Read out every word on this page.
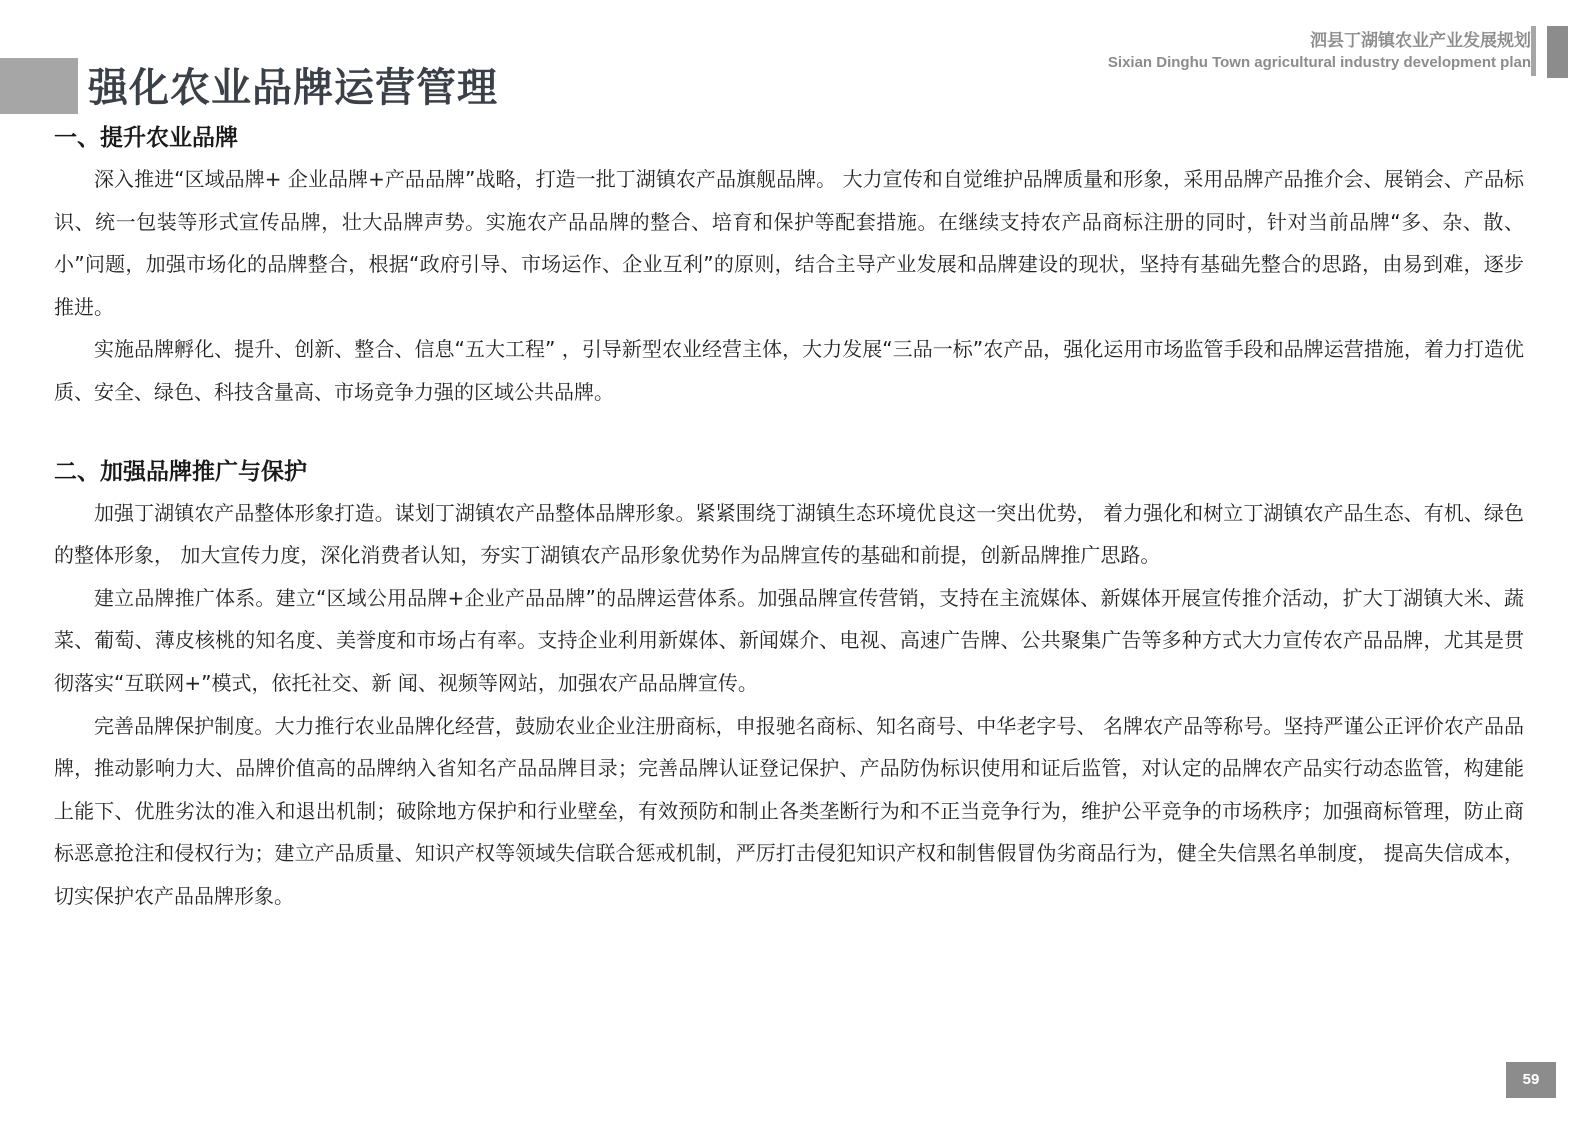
强化农业品牌运营管理
泗县丁湖镇农业产业发展规划
Sixian Dinghu Town agricultural industry development plan
一、提升农业品牌

深入推进“区域品牌+ 企业品牌+产品品牌”战略，打造一批丁湖镇农产品旗舰品牌。 大力宣传和自觉维护品牌质量和形象，采用品牌产品推介会、展销会、产品标识、统一包装等形式宣传品牌，壮大品牌声势。实施农产品品牌的整合、培育和保护等配套措施。在继续支持农产品商标注册的同时，针对当前品牌“多、杂、散、小”问题，加强市场化的品牌整合，根据“政府引导、市场运作、企业互利”的原则，结合主导产业发展和品牌建设的现状，坚持有基础先整合的思路，由易到难，逐步推进。

实施品牌孵化、提升、创新、整合、信息“五大工程” ，引导新型农业经营主体，大力发展“三品一标”农产品，强化运用市场监管手段和品牌运营措施，着力打造优质、安全、绿色、科技含量高、市场竞争力强的区域公共品牌。

二、加强品牌推广与保护

加强丁湖镇农产品整体形象打造。谋划丁湖镇农产品整体品牌形象。紧紧围绕丁湖镇生态环境优良这一突出优势， 着力强化和树立丁湖镇农产品生态、有机、绿色的整体形象， 加大宣传力度，深化消费者认知，夯实丁湖镇农产品形象优势作为品牌宣传的基础和前提，创新品牌推广思路。

建立品牌推广体系。建立“区域公用品牌+企业产品品牌”的品牌运营体系。加强品牌宣传营销，支持在主流媒体、新媒体开展宣传推介活动，扩大丁湖镇大米、蔬菜、葡萄、薄皮核桃的知名度、美誉度和市场占有率。支持企业利用新媒体、新闻媒介、电视、高速广告牌、公共聚集广告等多种方式大力宣传农产品品牌，尤其是贯彻落实“互联网+”模式，依托社交、新 闻、视频等网站，加强农产品品牌宣传。

完善品牌保护制度。大力推行农业品牌化经营，鼓励农业企业注册商标，申报驰名商标、知名商号、中华老字号、 名牌农产品等称号。坚持严谨公正评价农产品品牌，推动影响力大、品牌价值高的品牌纳入省知名产品品牌目录；完善品牌认证登记保护、产品防伪标识使用和证后监管，对认定的品牌农产品实行动态监管，构建能上能下、优胜劣汰的准入和退出机制；破除地方保护和行业壁垒，有效预防和制止各类垄断行为和不正当竞争行为，维护公平竞争的市场秩序；加强商标管理，防止商标恶意抢注和侵权行为；建立产品质量、知识产权等领域失信联合惩戒机制，严厉打击侵犯知识产权和制售假冒伪劣商品行为，健全失信黑名单制度， 提高失信成本，切实保护农产品品牌形象。

59
